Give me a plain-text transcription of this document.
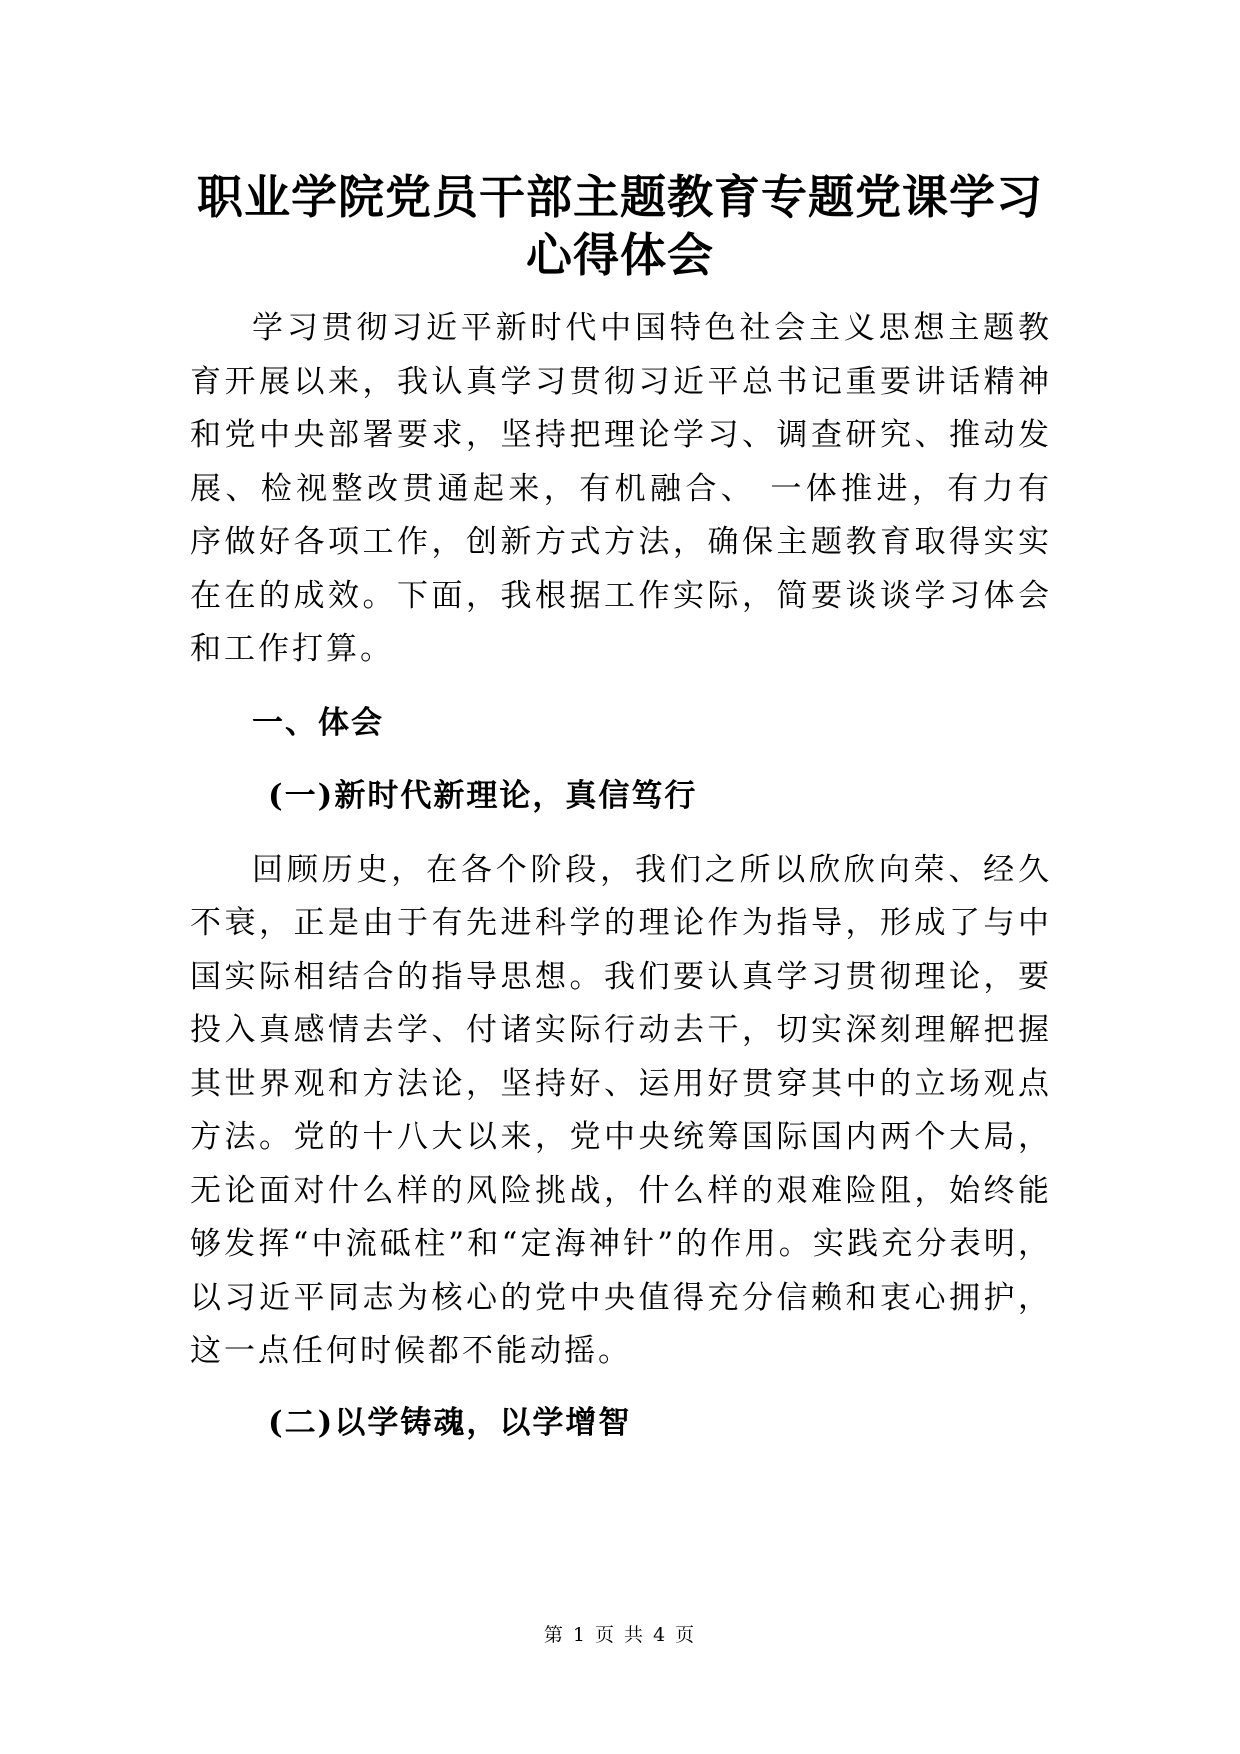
职业学院党员干部主题教育专题党课学习
心得体会

学习贯彻习近平新时代中国特色社会主义思想主题教育开展以来，我认真学习贯彻习近平总书记重要讲话精神和党中央部署要求，坚持把理论学习、调查研究、推动发展、检视整改贯通起来，有机融合、 一体推进，有力有序做好各项工作，创新方式方法，确保主题教育取得实实在在的成效。下面，我根据工作实际，简要谈谈学习体会和工作打算。

一、体会

(一)新时代新理论，真信笃行

回顾历史，在各个阶段，我们之所以欣欣向荣、经久不衰，正是由于有先进科学的理论作为指导，形成了与中国实际相结合的指导思想。我们要认真学习贯彻理论，要投入真感情去学、付诸实际行动去干，切实深刻理解把握其世界观和方法论，坚持好、运用好贯穿其中的立场观点方法。党的十八大以来，党中央统筹国际国内两个大局，无论面对什么样的风险挑战，什么样的艰难险阻，始终能够发挥“中流砥柱”和“定海神针”的作用。实践充分表明，以习近平同志为核心的党中央值得充分信赖和衷心拥护，这一点任何时候都不能动摇。

(二)以学铸魂，以学增智

第 1 页 共 4 页
